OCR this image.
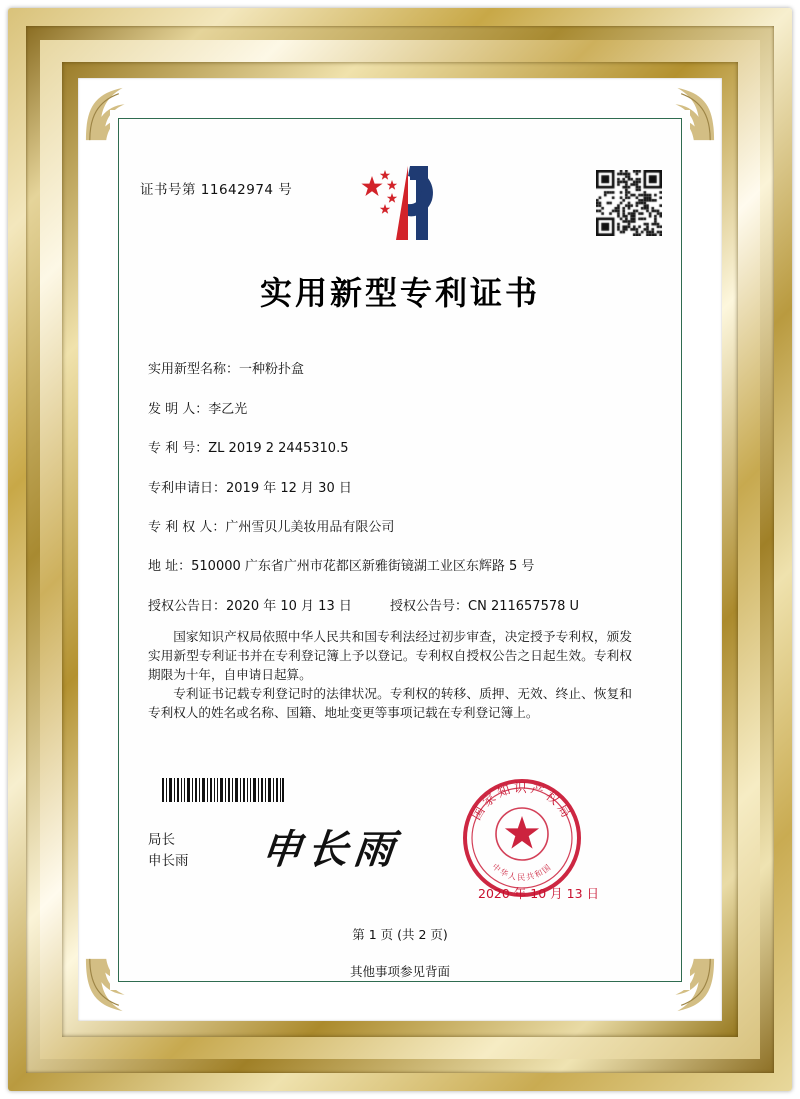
证书号第 11642974 号
实用新型专利证书
实用新型名称：一种粉扑盒
发 明 人：李乙光
专 利 号：ZL 2019 2 2445310.5
专利申请日：2019 年 12 月 30 日
专 利 权 人：广州雪贝儿美妆用品有限公司
地 址：510000 广东省广州市花都区新雅街镜湖工业区东辉路 5 号
授权公告日：2020 年 10 月 13 日	授权公告号：CN 211657578 U
国家知识产权局依照中华人民共和国专利法经过初步审查，决定授予专利权，颁发实用新型专利证书并在专利登记簿上予以登记。专利权自授权公告之日起生效。专利权期限为十年，自申请日起算。
专利证书记载专利登记时的法律状况。专利权的转移、质押、无效、终止、恢复和专利权人的姓名或名称、国籍、地址变更等事项记载在专利登记簿上。
局长
申长雨 申长雨
国家知识产权局
中华人民共和国
2020 年 10 月 13 日
第 1 页 (共 2 页)
其他事项参见背面
